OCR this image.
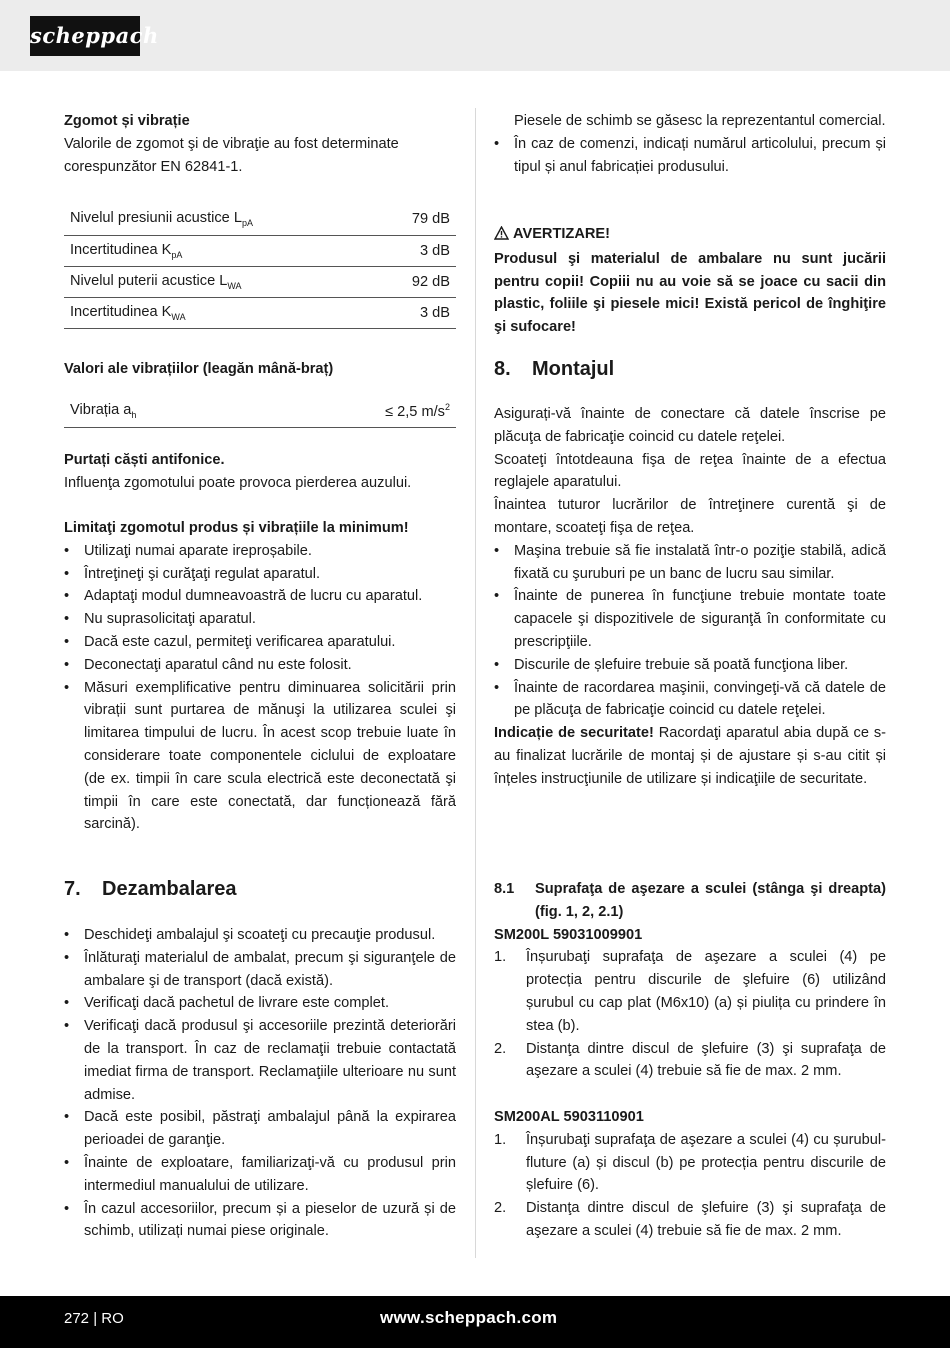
scheppach

Zgomot și vibrație

Valorile de zgomot şi de vibraţie au fost determinate corespunzător EN 62841-1.

Nivelul presiunii acustice $L_{pA}$	79 dB
Incertitudinea $K_{pA}$	3 dB
Nivelul puterii acustice $L_{WA}$	92 dB
Incertitudinea $K_{WA}$	3 dB

Valori ale vibrațiilor (leagăn mână-braț)

Vibrația $a_h$	≤ 2,5 $m/s^2$

Purtați căști antifonice.

Influenţa zgomotului poate provoca pierderea auzului.

Limitaţi zgomotul produs și vibrațiile la minimum!

• Utilizaţi numai aparate ireproșabile.
• Întreţineţi şi curăţaţi regulat aparatul.
• Adaptaţi modul dumneavoastră de lucru cu aparatul.
• Nu suprasolicitaţi aparatul.
• Dacă este cazul, permiteţi verificarea aparatului.
• Deconectaţi aparatul când nu este folosit.
• Măsuri exemplificative pentru diminuarea solicitării prin vibrații sunt purtarea de mănuşi la utilizarea sculei şi limitarea timpului de lucru. În acest scop trebuie luate în considerare toate componentele ciclului de exploatare (de ex. timpii în care scula electrică este deconectată şi timpii în care este conectată, dar funcționează fără sarcină).

7. Dezambalarea

• Deschideţi ambalajul şi scoateţi cu precauţie produsul.
• Înlăturaţi materialul de ambalat, precum şi siguranţele de ambalare şi de transport (dacă există).
• Verificaţi dacă pachetul de livrare este complet.
• Verificaţi dacă produsul şi accesoriile prezintă deteriorări de la transport. În caz de reclamaţii trebuie contactată imediat firma de transport. Reclamaţiile ulterioare nu sunt admise.
• Dacă este posibil, păstraţi ambalajul până la expirarea perioadei de garanţie.
• Înainte de exploatare, familiarizaţi-vă cu produsul prin intermediul manualului de utilizare.
• În cazul accesoriilor, precum și a pieselor de uzură și de schimb, utilizați numai piese originale.

Piesele de schimb se găsesc la reprezentantul comercial.

• În caz de comenzi, indicați numărul articolului, precum și tipul și anul fabricației produsului.

AVERTIZARE!

Produsul şi materialul de ambalare nu sunt jucării pentru copii! Copiii nu au voie să se joace cu sacii din plastic, foliile şi piesele mici! Există pericol de înghiţire şi sufocare!

8. Montajul

Asigurați-vă înainte de conectare că datele înscrise pe plăcuţa de fabricaţie coincid cu datele reţelei.

Scoateţi întotdeauna fişa de reţea înainte de a efectua reglajele aparatului.

Înaintea tuturor lucrărilor de întreţinere curentă şi de montare, scoateţi fişa de reţea.

• Maşina trebuie să fie instalată într-o poziţie stabilă, adică fixată cu şuruburi pe un banc de lucru sau similar.
• Înainte de punerea în funcţiune trebuie montate toate capacele şi dispozitivele de siguranţă în conformitate cu prescripţiile.
• Discurile de șlefuire trebuie să poată funcţiona liber.
• Înainte de racordarea maşinii, convingeţi-vă că datele de pe plăcuţa de fabricaţie coincid cu datele reţelei.

Indicație de securitate! Racordaţi aparatul abia după ce s-au finalizat lucrările de montaj și de ajustare și s-au citit și înțeles instrucţiunile de utilizare și indicaţiile de securitate.

8.1 Suprafaţa de aşezare a sculei (stânga şi dreapta) (fig. 1, 2, 2.1)

SM200L 59031009901

1. Înșurubaţi suprafaţa de aşezare a sculei (4) pe protecția pentru discurile de şlefuire (6) utilizând șurubul cu cap plat (M6x10) (a) și piulița cu prindere în stea (b).
2. Distanţa dintre discul de şlefuire (3) şi suprafaţa de aşezare a sculei (4) trebuie să fie de max. 2 mm.

SM200AL 5903110901

1. Înșurubaţi suprafaţa de aşezare a sculei (4) cu șurubul-fluture (a) și discul (b) pe protecția pentru discurile de șlefuire (6).
2. Distanţa dintre discul de şlefuire (3) şi suprafaţa de aşezare a sculei (4) trebuie să fie de max. 2 mm.
272 | RO	www.scheppach.com
